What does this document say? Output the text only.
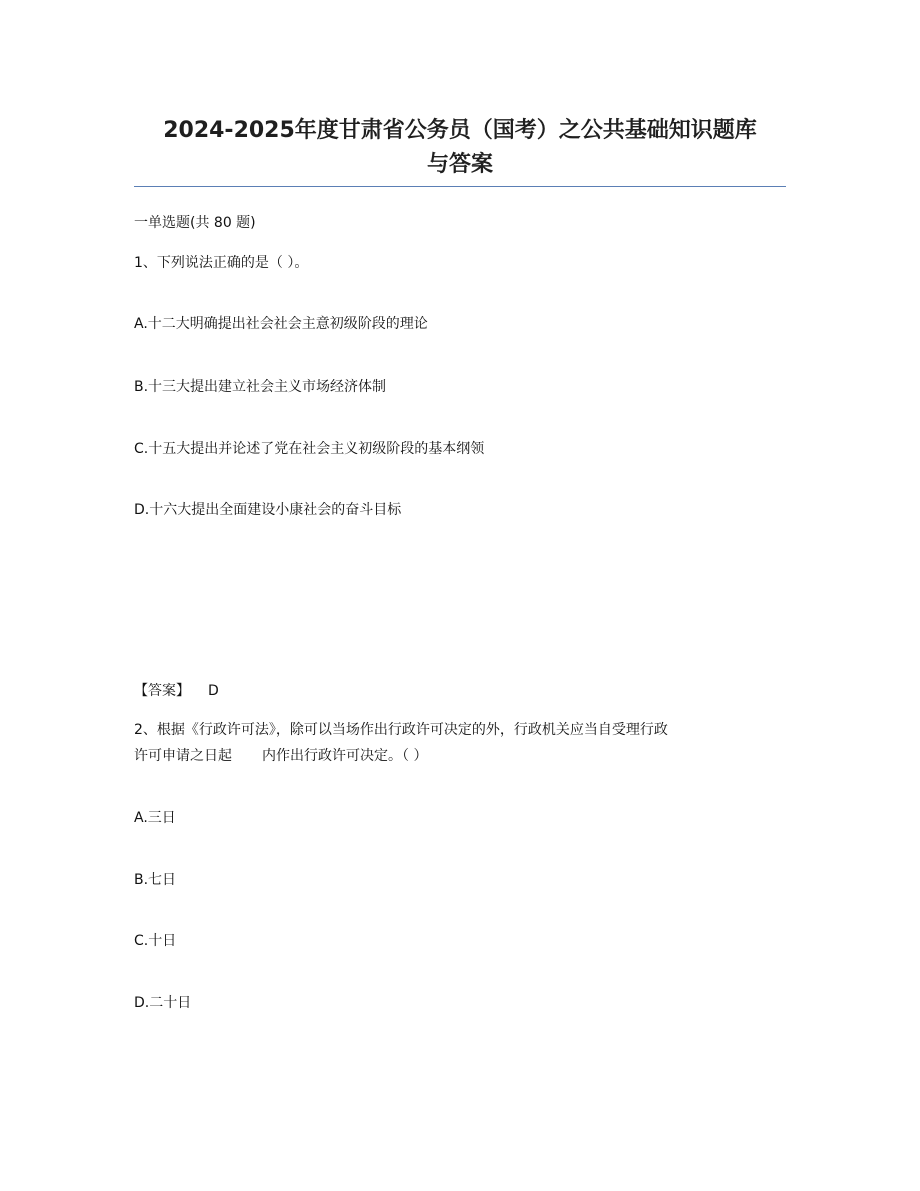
2024-2025年度甘肃省公务员（国考）之公共基础知识题库
与答案

一单选题(共 80 题)

1、下列说法正确的是（ ）。

A.十二大明确提出社会社会主意初级阶段的理论

B.十三大提出建立社会主义市场经济体制

C.十五大提出并论述了党在社会主义初级阶段的基本纲领

D.十六大提出全面建设小康社会的奋斗目标

【答案】 D

2、根据《行政许可法》，除可以当场作出行政许可决定的外，行政机关应当自受理行政

许可申请之日起 内作出行政许可决定。（ ）

A.三日

B.七日

C.十日

D.二十日
